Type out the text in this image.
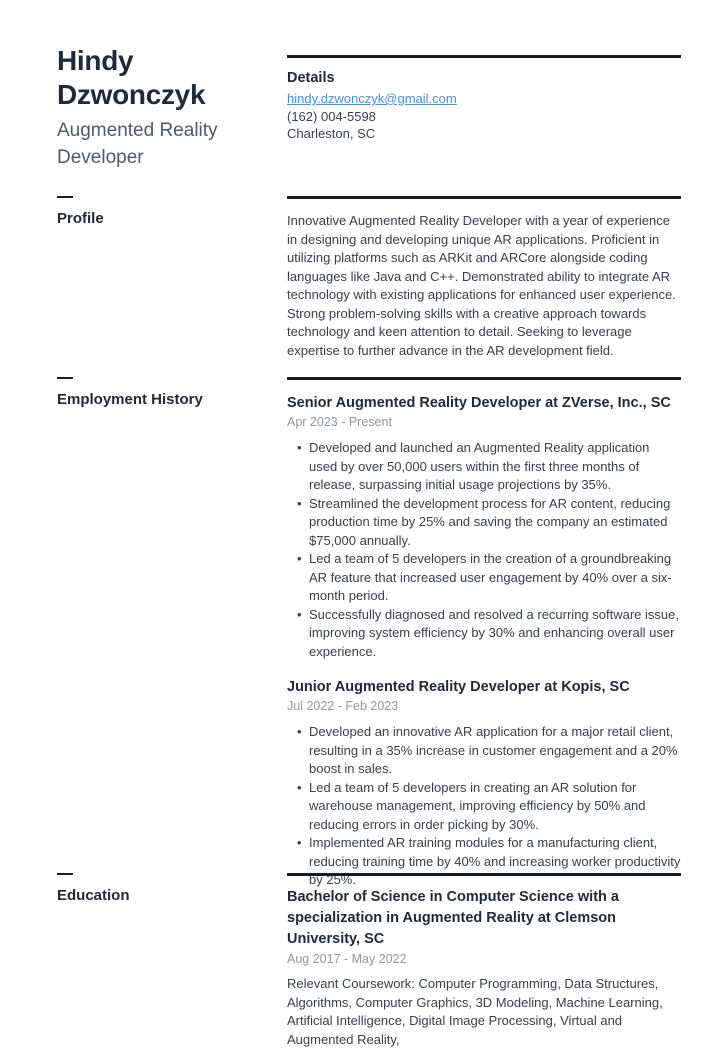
Hindy Dzwonczyk
Augmented Reality Developer
Details
hindy.dzwonczyk@gmail.com
(162) 004-5598
Charleston, SC
Profile	Innovative Augmented Reality Developer with a year of experience in designing and developing unique AR applications. Proficient in utilizing platforms such as ARKit and ARCore alongside coding languages like Java and C++. Demonstrated ability to integrate AR technology with existing applications for enhanced user experience. Strong problem-solving skills with a creative approach towards technology and keen attention to detail. Seeking to leverage expertise to further advance in the AR development field.

Employment History	Senior Augmented Reality Developer at ZVerse, Inc., SC
Apr 2023 - Present
• Developed and launched an Augmented Reality application used by over 50,000 users within the first three months of release, surpassing initial usage projections by 35%.
• Streamlined the development process for AR content, reducing production time by 25% and saving the company an estimated $75,000 annually.
• Led a team of 5 developers in the creation of a groundbreaking AR feature that increased user engagement by 40% over a six-month period.
• Successfully diagnosed and resolved a recurring software issue, improving system efficiency by 30% and enhancing overall user experience.
Junior Augmented Reality Developer at Kopis, SC
Jul 2022 - Feb 2023
• Developed an innovative AR application for a major retail client, resulting in a 35% increase in customer engagement and a 20% boost in sales.
• Led a team of 5 developers in creating an AR solution for warehouse management, improving efficiency by 50% and reducing errors in order picking by 30%.
• Implemented AR training modules for a manufacturing client, reducing training time by 40% and increasing worker productivity by 25%.
Education	Bachelor of Science in Computer Science with a specialization in Augmented Reality at Clemson University, SC
Aug 2017 - May 2022

Relevant Coursework: Computer Programming, Data Structures, Algorithms, Computer Graphics, 3D Modeling, Machine Learning, Artificial Intelligence, Digital Image Processing, Virtual and Augmented Reality,
